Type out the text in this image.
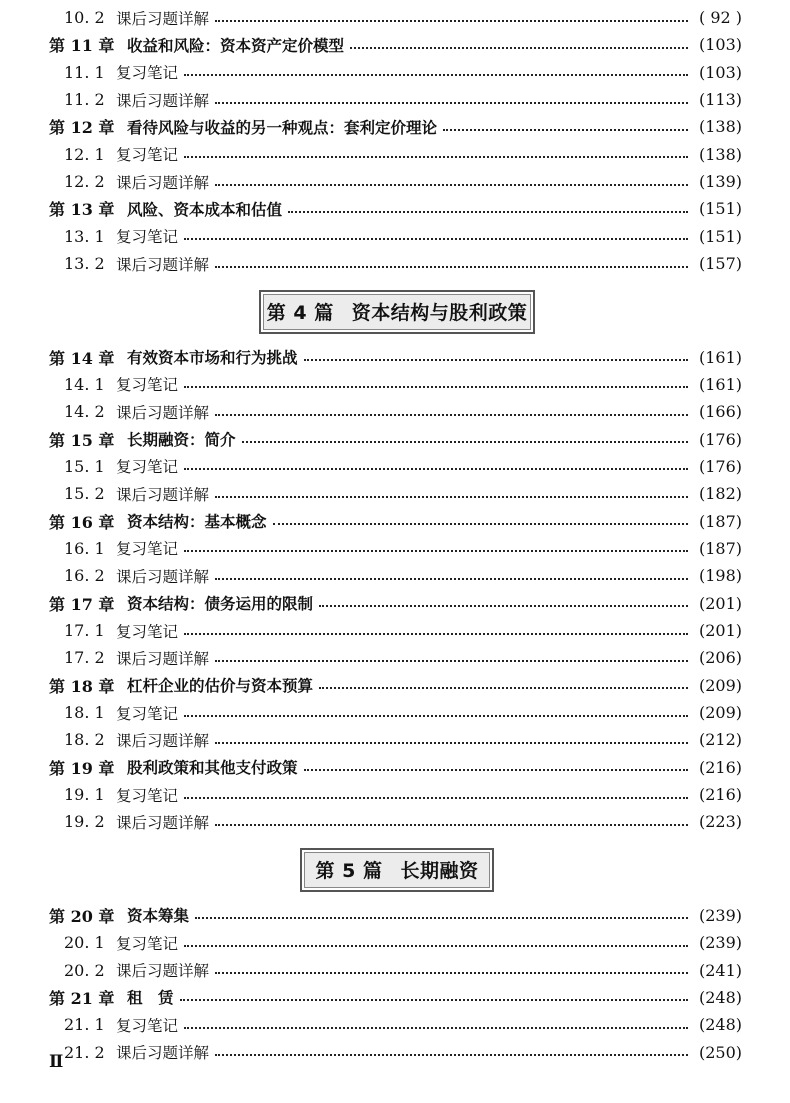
10. 2 课后习题详解	( 92 )
第 11 章 收益和风险：资本资产定价模型	(103)
11. 1 复习笔记	(103)
11. 2 课后习题详解	(113)
第 12 章 看待风险与收益的另一种观点：套利定价理论	(138)
12. 1 复习笔记	(138)
12. 2 课后习题详解	(139)
第 13 章 风险、资本成本和估值	(151)
13. 1 复习笔记	(151)
13. 2 课后习题详解	(157)
第 4 篇 资本结构与股利政策
第 14 章 有效资本市场和行为挑战	(161)
14. 1 复习笔记	(161)
14. 2 课后习题详解	(166)
第 15 章 长期融资：简介	(176)
15. 1 复习笔记	(176)
15. 2 课后习题详解	(182)
第 16 章 资本结构：基本概念	(187)
16. 1 复习笔记	(187)
16. 2 课后习题详解	(198)
第 17 章 资本结构：债务运用的限制	(201)
17. 1 复习笔记	(201)
17. 2 课后习题详解	(206)
第 18 章 杠杆企业的估价与资本预算	(209)
18. 1 复习笔记	(209)
18. 2 课后习题详解	(212)
第 19 章 股利政策和其他支付政策	(216)
19. 1 复习笔记	(216)
19. 2 课后习题详解	(223)
第 5 篇 长期融资
第 20 章 资本筹集	(239)
20. 1 复习笔记	(239)
20. 2 课后习题详解	(241)
第 21 章 租　赁	(248)
21. 1 复习笔记	(248)
21. 2 课后习题详解	(250)
Ⅱ
